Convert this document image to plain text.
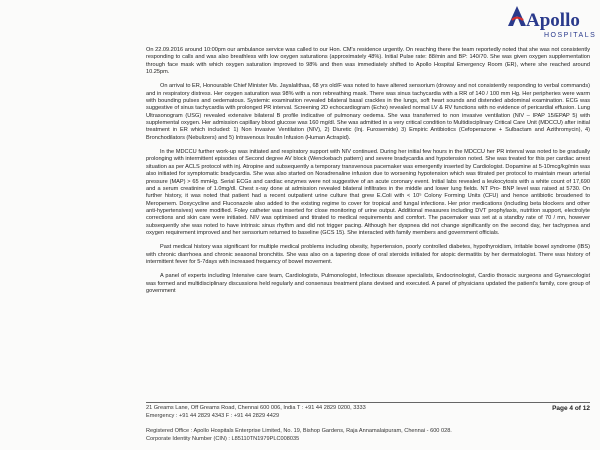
Apollo
HOSPITALS

On 22.09.2016 around 10:00pm our ambulance service was called to our Hon. CM's residence urgently. On reaching there the team reportedly noted that she was not consistently responding to calls and was also breathless with low oxygen saturations (approximately 48%). Initial Pulse rate: 88/min and BP: 140/70. She was given oxygen supplementation through face mask with which oxygen saturation improved to 98% and then was immediately shifted to Apollo Hospital Emergency Room (ER), where she reached around 10.25pm.

On arrival to ER, Honourable Chief Minister Ms. Jayalalithaa, 68 yrs old/F was noted to have altered sensorium (drowsy and not consistently responding to verbal commands) and in respiratory distress. Her oxygen saturation was 98% with a non rebreathing mask. There was sinus tachycardia with a RR of 140 / 100 mm Hg. Her peripheries were warm with bounding pulses and oedematous. Systemic examination revealed bilateral basal crackles in the lungs, soft heart sounds and distended abdominal examination. ECG was suggestive of sinus tachycardia with prolonged PR interval. Screening 2D echocardiogram (Echo) revealed normal LV & RV functions with no evidence of pericardial effusion. Lung Ultrasonogram (USG) revealed extensive bilateral B profile indicative of pulmonary oedema. She was transferred to non invasive ventilation (NIV – IPAP 15/EPAP 5) with supplemental oxygen. Her admission capillary blood glucose was 160 mg/dl. She was admitted in a very critical condition to Multidisciplinary Critical Care Unit (MDCCU) after initial treatment in ER which included: 1) Non Invasive Ventilation (NIV), 2) Diuretic (Inj. Furosemide) 3) Empiric Antibiotics (Cefoperazone + Sulbactam and Azithromycin), 4) Bronchodilators (Nebulizers) and 5) Intravenous Insulin Infusion (Human Actrapid).

In the MDCCU further work-up was initiated and respiratory support with NIV continued. During her initial few hours in the MDCCU her PR interval was noted to be gradually prolonging with intermittent episodes of Second degree AV block (Wenckebach pattern) and severe bradycardia and hypotension noted. She was treated for this per cardiac arrest situation as per ACLS protocol with inj. Atropine and subsequently a temporary transvenous pacemaker was emergently inserted by Cardiologist. Dopamine at 5-10mcg/kg/min was also initiated for symptomatic bradycardia. She was also started on Noradrenaline infusion due to worsening hypotension which was titrated per protocol to maintain mean arterial pressure (MAP) > 65 mmHg. Serial ECGs and cardiac enzymes were not suggestive of an acute coronary event. Initial labs revealed a leukocytosis with a white count of 17,690 and a serum creatinine of 1.0mg/dl. Chest x-ray done at admission revealed bilateral infiltrates in the middle and lower lung fields. NT Pro- BNP level was raised at 5730. On further history, it was noted that patient had a recent outpatient urine culture that grew E.Coli with < 10⁵ Colony Forming Units (CFU) and hence antibiotic broadened to Meropenem. Doxycycline and Fluconazole also added to the existing regime to cover for tropical and fungal infections. Her prior medications (including beta blockers and other anti-hypertensives) were modified. Foley catheter was inserted for close monitoring of urine output. Additional measures including DVT prophylaxis, nutrition support, electrolyte corrections and skin care were initiated. NIV was optimised and titrated to medical requirements and comfort. The pacemaker was set at a standby rate of 70 / mn, however subsequently she was noted to have intrinsic sinus rhythm and did not trigger pacing. Although her dyspnea did not change significantly on the second day, her tachypnea and oxygen requirement improved and her sensorium returned to baseline (GCS 15). She interacted with family members and government officials.

Past medical history was significant for multiple medical problems including obesity, hypertension, poorly controlled diabetes, hypothyroidism, irritable bowel syndrome (IBS) with chronic diarrhoea and chronic seasonal bronchitis. She was also on a tapering dose of oral steroids initiated for atopic dermatitis by her dermatologist. There was history of intermittent fever for 5-7days with increased frequency of bowel movement.

A panel of experts including Intensive care team, Cardiologists, Pulmonologist, Infectious disease specialists, Endocrinologist, Cardio thoracic surgeons and Gynaecologist was formed and multidisciplinary discussions held regularly and consensus treatment plans devised and executed. A panel of physicians updated the patient's family, core group of government

21 Greams Lane, Off Greams Road, Chennai 600 006, India T : +91 44 2829 0200, 3333
Emergency : +91 44 2829 4343 F : +91 44 2829 4429
Page 4 of 12
Registered Office : Apollo Hospitals Enterprise Limited, No. 19, Bishop Gardens, Raja Annamalaipuram, Chennai - 600 028.
Corporate Identity Number (CIN) : L85110TN1979PLC008035
